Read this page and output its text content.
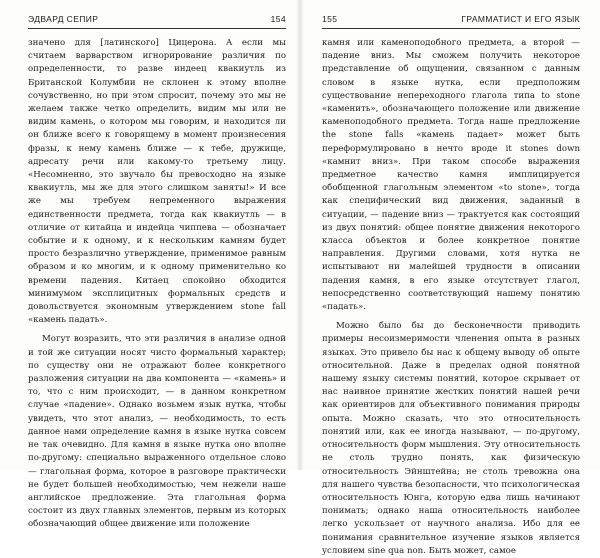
ЭДВАРД СЕПИР	154

значено для [латинского] Цицерона. А если мы считаем варварством игнорирование различия по определенности, то разве индеец квакиутль из Британской Колумбии не склонен к этому вполне сочувственно, но при этом спросит, почему это мы не желаем также четко определить, видим мы или не видим камень, о котором мы говорим, и находится ли он ближе всего к говорящему в момент произнесения фразы, к нему камень ближе — к тебе, дружище, адресату речи или какому-то третьему лицу. «Несомненно, это звучало бы превосходно на языке квакиутль, мы же для этого слишком заняты!» И все же мы требуем непременного выражения единственности предмета, тогда как квакиутль — в отличие от китайца и индейца чиппева — обозначает событие и к одному, и к нескольким камням будет просто безразлично утверждение, применимое равным образом и ко многим, и к одному применительно ко времени падения. Китаец спокойно обходится минимумом эксплицитных формальных средств и довольствуется экономным утверждением stone fall «камень падать».

Могут возразить, что эти различия в анализе одной и той же ситуации носят чисто формальный характер; по существу они не отражают более конкретного разложения ситуации на два компонента — «камень» и то, что с ним происходит, — в данном конкретном случае «падение». Однако возьмем язык нутка, чтобы увидеть, что этот анализ, — необходимость, то есть данное нами определение камня в языке нутка совсем не так очевидно. Для камня в языке нутка оно вполне по-другому: специально выраженного отдельное слово — глагольная форма, которое в разговоре практически не будет большей необходимостью, чем нежели наше английское предложение. Эта глагольная форма состоит из двух главных элементов, первым из которых обозначающий общее движение или положение

155	ГРАММАТИСТ И ЕГО ЯЗЫК

камня или каменоподобного предмета, а второй — падение вниз. Мы сможем получить некоторое представление об ощущении, связанном с данным словом в языке нутка, если предположим существование непереходного глагола типа to stone «каменить», обозначающего положение или движение каменоподобного предмета. Тогда наше предложение the stone falls «камень падает» может быть переформулировано в нечто вроде it stones down «камнит вниз». При таком способе выражения предметное качество камня имплицируется обобщенной глагольным элементом «to stone», тогда как специфический вид движения, заданный в ситуации, — падение вниз — трактуется как состоящий из двух понятий: общее понятие движения некоторого класса объектов и более конкретное понятие направления. Другими словами, хотя нутка не испытывают ни малейшей трудности в описании падения камня, в его языке отсутствует глагол, непосредственно соответствующий нашему понятию «падать».

Можно было бы до бесконечности приводить примеры несоизмеримости членения опыта в разных языках. Это привело бы нас к общему выводу об опыте относительной. Даже в пределах одной понятной нашему языку системы понятий, которое скрывает от нас наивное принятие жестких понятий нашей речи как ориентиров для объективного понимания природы опыта. Можно сказать, что это относительность понятий или, как ее иногда называют, — по-другому, относительность форм мышления. Эту относительность не столь трудно понять, как физическую относительность Эйнштейна; не столь тревожна она для нашего чувства безопасности, что психологическая относительность Юнга, которую едва лишь начинают понимать; однако наша относительность наиболее легко ускользает от научного анализа. Ибо для ее понимания сравнительное изучение языков является условием sine qua non. Быть может, самое
